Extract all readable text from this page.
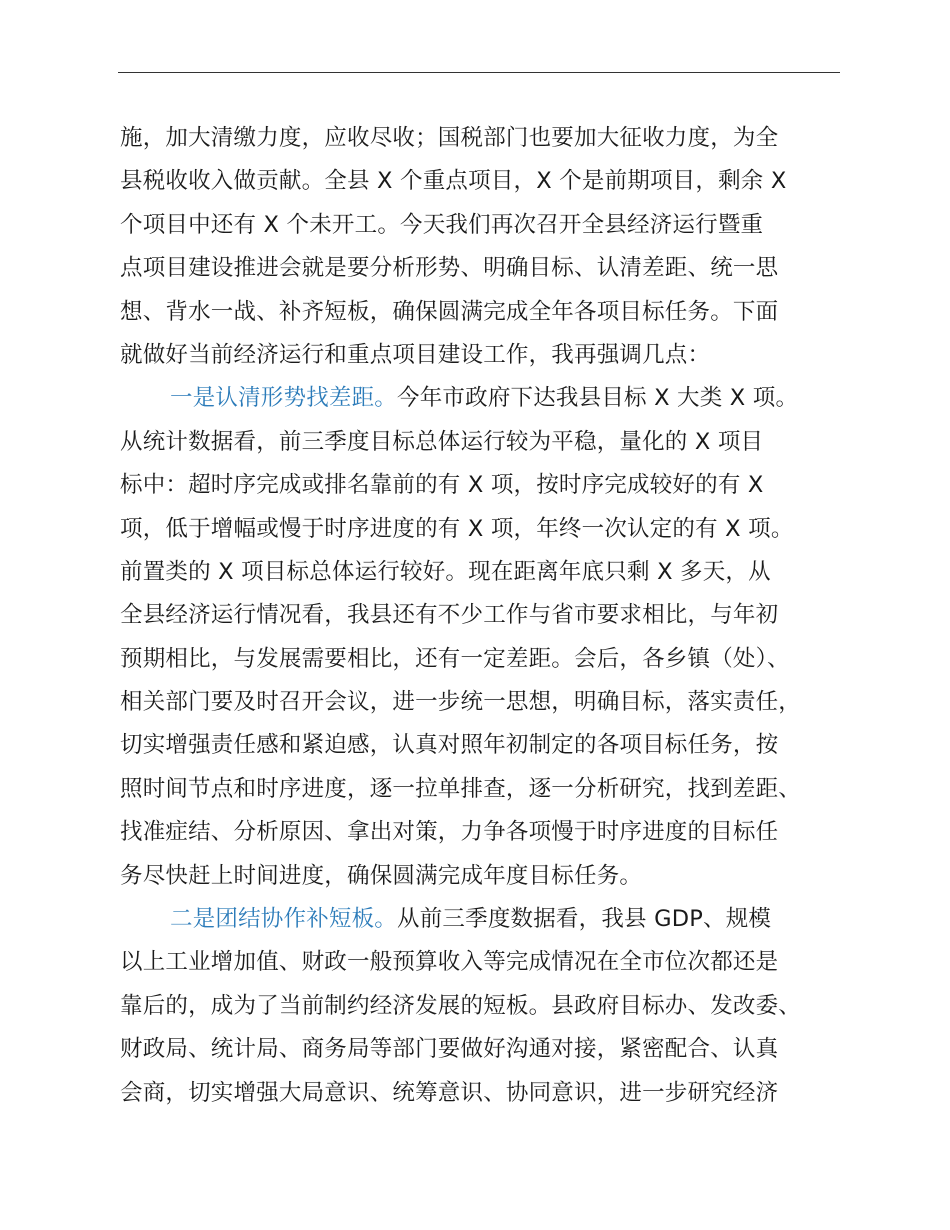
施，加大清缴力度，应收尽收；国税部门也要加大征收力度，为全
县税收收入做贡献。全县 X 个重点项目，X 个是前期项目，剩余 X
个项目中还有 X 个未开工。今天我们再次召开全县经济运行暨重
点项目建设推进会就是要分析形势、明确目标、认清差距、统一思
想、背水一战、补齐短板，确保圆满完成全年各项目标任务。下面
就做好当前经济运行和重点项目建设工作，我再强调几点：
一是认清形势找差距。今年市政府下达我县目标 X 大类 X 项。
从统计数据看，前三季度目标总体运行较为平稳，量化的 X 项目
标中：超时序完成或排名靠前的有 X 项，按时序完成较好的有 X
项，低于增幅或慢于时序进度的有 X 项，年终一次认定的有 X 项。
前置类的 X 项目标总体运行较好。现在距离年底只剩 X 多天，从
全县经济运行情况看，我县还有不少工作与省市要求相比，与年初
预期相比，与发展需要相比，还有一定差距。会后，各乡镇（处）、
相关部门要及时召开会议，进一步统一思想，明确目标，落实责任，
切实增强责任感和紧迫感，认真对照年初制定的各项目标任务，按
照时间节点和时序进度，逐一拉单排查，逐一分析研究，找到差距、
找准症结、分析原因、拿出对策，力争各项慢于时序进度的目标任
务尽快赶上时间进度，确保圆满完成年度目标任务。
二是团结协作补短板。从前三季度数据看，我县 GDP、规模
以上工业增加值、财政一般预算收入等完成情况在全市位次都还是
靠后的，成为了当前制约经济发展的短板。县政府目标办、发改委、
财政局、统计局、商务局等部门要做好沟通对接，紧密配合、认真
会商，切实增强大局意识、统筹意识、协同意识，进一步研究经济
